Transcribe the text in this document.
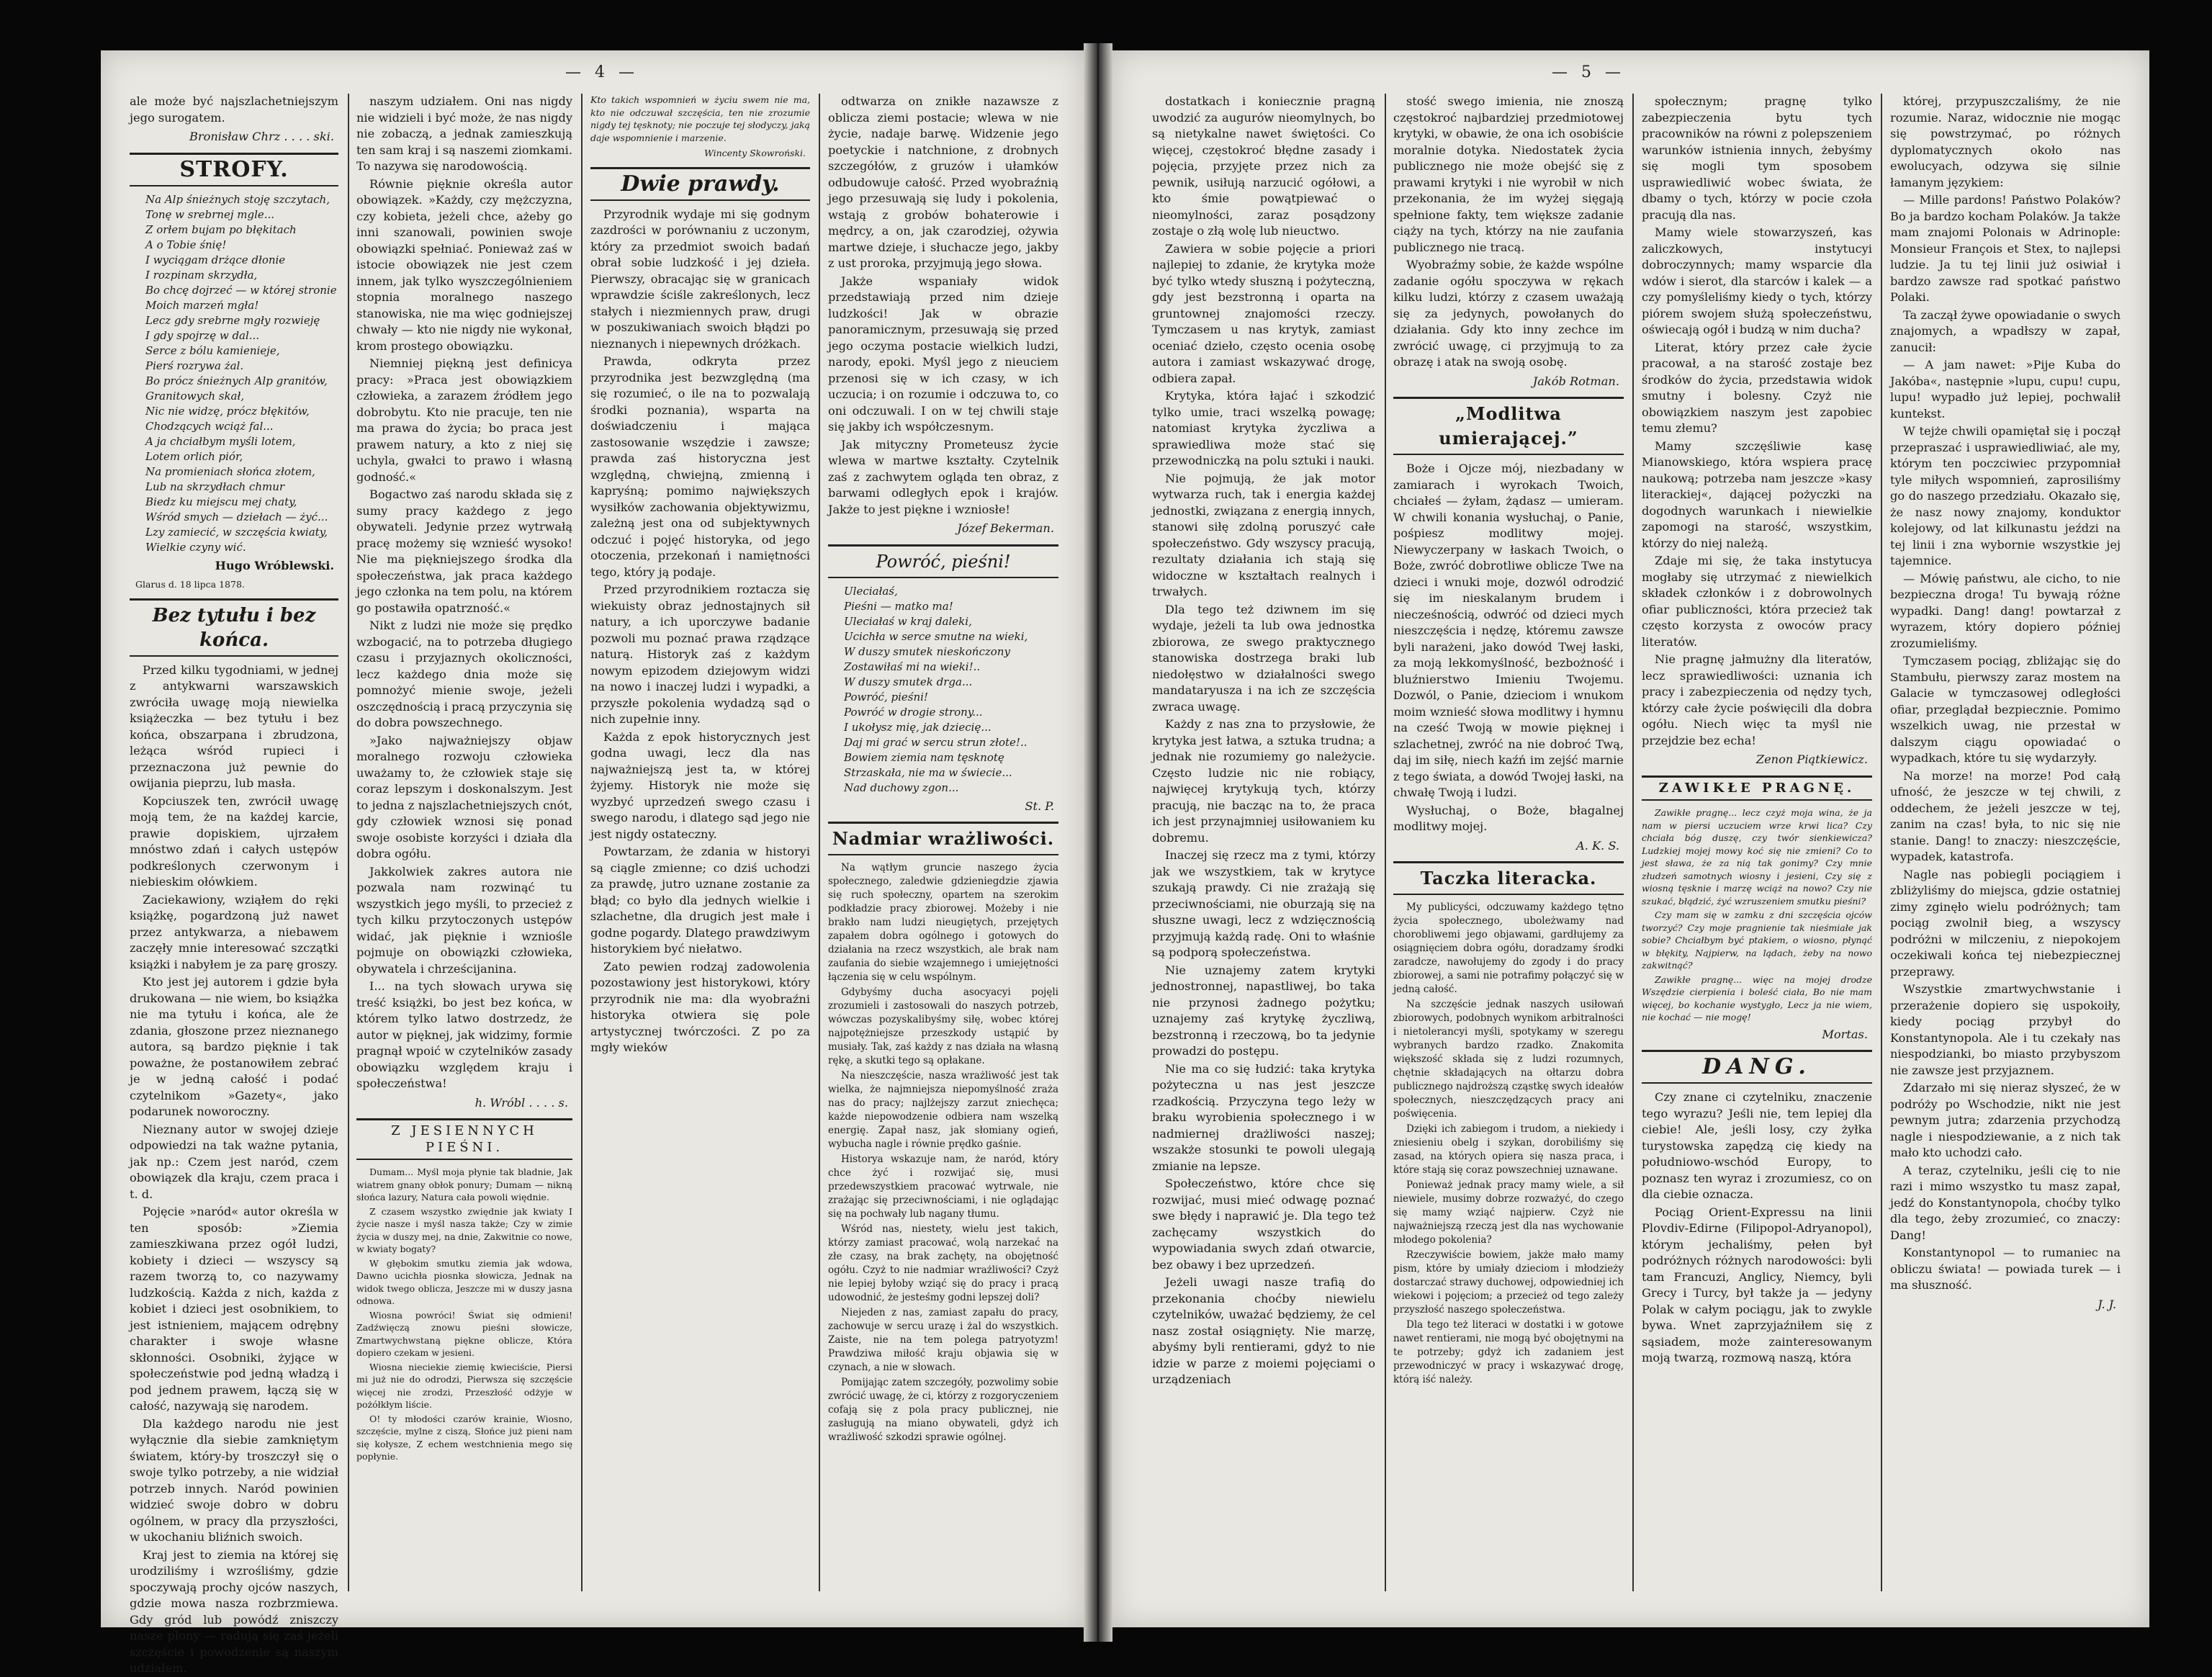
— 4 —

ale może być najszlachetniejszym jego surogatem.

Bronisław Chrz . . . . ski.
STROFY.
Na Alp śnieżnych stoję szczytach,
Tonę w srebrnej mgle...
Z orłem bujam po błękitach
A o Tobie śnię!
I wyciągam drżące dłonie
I rozpinam skrzydła,
Bo chcę dojrzeć — w której stronie
Moich marzeń mgła!
Lecz gdy srebrne mgły rozwieję
I gdy spojrzę w dal...
Serce z bólu kamienieje,
Pierś rozrywa żal.
Bo prócz śnieżnych Alp granitów,
Granitowych skał,
Nic nie widzę, prócz błękitów,
Chodzących wciąż fal...
A ja chciałbym myśli lotem,
Lotem orlich piór,
Na promieniach słońca złotem,
Lub na skrzydłach chmur
Biedz ku miejscu mej chaty,
Wśród smych — dziełach — żyć...
Lzy zamiecić, w szczęścia kwiaty,
Wielkie czyny wić.
Hugo Wróblewski.
Glarus d. 18 lipca 1878.
Bez tytułu i bez końca.

Przed kilku tygodniami, w jednej z antykwarni warszawskich zwróciła uwagę moją niewielka książeczka — bez tytułu i bez końca, obszarpana i zbrudzona, leżąca wśród rupieci i przeznaczona już pewnie do owijania pieprzu, lub masła.

Kopciuszek ten, zwrócił uwagę moją tem, że na każdej karcie, prawie dopiskiem, ujrzałem mnóstwo zdań i całych ustępów podkreślonych czerwonym i niebieskim ołówkiem.

Zaciekawiony, wziąłem do ręki książkę, pogardzoną już nawet przez antykwarza, a niebawem zaczęły mnie interesować szczątki książki i nabyłem je za parę groszy.

Kto jest jej autorem i gdzie była drukowana — nie wiem, bo książka nie ma tytułu i końca, ale że zdania, głoszone przez nieznanego autora, są bardzo pięknie i tak poważne, że postanowiłem zebrać je w jedną całość i podać czytelnikom »Gazety«, jako podarunek noworoczny.

Nieznany autor w swojej dzieje odpowiedzi na tak ważne pytania, jak np.: Czem jest naród, czem obowiązek dla kraju, czem praca i t. d.

Pojęcie »naród« autor określa w ten sposób: »Ziemia zamieszkiwana przez ogół ludzi, kobiety i dzieci — wszyscy są razem tworzą to, co nazywamy ludzkością. Każda z nich, każda z kobiet i dzieci jest osobnikiem, to jest istnieniem, mającem odrębny charakter i swoje własne skłonności. Osobniki, żyjące w społeczeństwie pod jedną władzą i pod jednem prawem, łączą się w całość, nazywają się narodem.

Dla każdego narodu nie jest wyłącznie dla siebie zamkniętym światem, który-by troszczył się o swoje tylko potrzeby, a nie widział potrzeb innych. Naród powinien widzieć swoje dobro w dobru ogólnem, w pracy dla przyszłości, w ukochaniu bliźnich swoich.

Kraj jest to ziemia na której się urodziliśmy i wzrośliśmy, gdzie spoczywają prochy ojców naszych, gdzie mowa nasza rozbrzmiewa. Gdy gród lub powódź zniszczy nasze plony — radują się zaś jeżeli szczęście i powodzenie są naszym udziałem.

naszym udziałem. Oni nas nigdy nie widzieli i być może, że nas nigdy nie zobaczą, a jednak zamieszkują ten sam kraj i są naszemi ziomkami. To nazywa się narodowością.

Równie pięknie określa autor obowiązek. »Każdy, czy mężczyzna, czy kobieta, jeżeli chce, ażeby go inni szanowali, powinien swoje obowiązki spełniać. Ponieważ zaś w istocie obowiązek nie jest czem innem, jak tylko wyszczególnieniem stopnia moralnego naszego stanowiska, nie ma więc godniejszej chwały — kto nie nigdy nie wykonał, krom prostego obowiązku.

Niemniej piękną jest definicya pracy: »Praca jest obowiązkiem człowieka, a zarazem źródłem jego dobrobytu. Kto nie pracuje, ten nie ma prawa do życia; bo praca jest prawem natury, a kto z niej się uchyla, gwałci to prawo i własną godność.«

Bogactwo zaś narodu składa się z sumy pracy każdego z jego obywateli. Jedynie przez wytrwałą pracę możemy się wznieść wysoko! Nie ma piękniejszego środka dla społeczeństwa, jak praca każdego jego członka na tem polu, na którem go postawiła opatrzność.«

Nikt z ludzi nie może się prędko wzbogacić, na to potrzeba długiego czasu i przyjaznych okoliczności, lecz każdego dnia może się pomnożyć mienie swoje, jeżeli oszczędnością i pracą przyczynia się do dobra powszechnego.

»Jako najważniejszy objaw moralnego rozwoju człowieka uważamy to, że człowiek staje się coraz lepszym i doskonalszym. Jest to jedna z najszlachetniejszych cnót, gdy człowiek wznosi się ponad swoje osobiste korzyści i działa dla dobra ogółu.

Jakkolwiek zakres autora nie pozwala nam rozwinąć tu wszystkich jego myśli, to przecież z tych kilku przytoczonych ustępów widać, jak pięknie i wzniośle pojmuje on obowiązki człowieka, obywatela i chrześcijanina.

I... na tych słowach urywa się treść książki, bo jest bez końca, w którem tylko latwo dostrzedz, że autor w pięknej, jak widzimy, formie pragnął wpoić w czytelników zasady obowiązku względem kraju i społeczeństwa!

h. Wróbl . . . . s.
Z JESIENNYCH PIEŚNI.

Dumam... Myśl moja płynie tak bladnie, Jak wiatrem gnany obłok ponury; Dumam — nikną słońca lazury, Natura cała powoli więdnie.

Z czasem wszystko zwiędnie jak kwiaty I życie nasze i myśl nasza także; Czy w zimie życia w duszy mej, na dnie, Zakwitnie co nowe, w kwiaty bogaty?

W głębokim smutku ziemia jak wdowa, Dawno ucichła piosnka słowicza, Jednak na widok twego oblicza, Jeszcze mi w duszy jasna odnowa.

Wiosna powróci! Świat się odmieni! Zadźwięczą znowu pieśni słowicze, Zmartwychwstaną piękne oblicze, Która dopiero czekam w jesieni.

Wiosna nieciekie ziemię kwieciście, Piersi mi już nie do odrodzi, Pierwsza się szczęście więcej nie zrodzi, Przeszłość odżyje w pożółkłym liście.

O! ty młodości czarów krainie, Wiosno, szczęście, mylne z ciszą, Słońce już pieni nam się kołysze, Z echem westchnienia mego się popłynie.

Kto takich wspomnień w życiu swem nie ma, kto nie odczuwał szczęścia, ten nie zrozumie nigdy tej tęsknoty; nie poczuje tej słodyczy, jaką daje wspomnienie i marzenie.
Wincenty Skowroński.
Dwie prawdy.

Przyrodnik wydaje mi się godnym zazdrości w porównaniu z uczonym, który za przedmiot swoich badań obrał sobie ludzkość i jej dzieła. Pierwszy, obracając się w granicach wprawdzie ściśle zakreślonych, lecz stałych i niezmiennych praw, drugi w poszukiwaniach swoich błądzi po nieznanych i niepewnych dróżkach.

Prawda, odkryta przez przyrodnika jest bezwzględną (ma się rozumieć, o ile na to pozwalają środki poznania), wsparta na doświadczeniu i mająca zastosowanie wszędzie i zawsze; prawda zaś historyczna jest względną, chwiejną, zmienną i kapryśną; pomimo największych wysiłków zachowania objektywizmu, zależną jest ona od subjektywnych odczuć i pojęć historyka, od jego otoczenia, przekonań i namiętności tego, który ją podaje.

Przed przyrodnikiem roztacza się wiekuisty obraz jednostajnych sił natury, a ich uporczywe badanie pozwoli mu poznać prawa rządzące naturą. Historyk zaś z każdym nowym epizodem dziejowym widzi na nowo i inaczej ludzi i wypadki, a przyszłe pokolenia wydadzą sąd o nich zupełnie inny.

Każda z epok historycznych jest godna uwagi, lecz dla nas najważniejszą jest ta, w której żyjemy. Historyk nie może się wyzbyć uprzedzeń swego czasu i swego narodu, i dlatego sąd jego nie jest nigdy ostateczny.

Powtarzam, że zdania w historyi są ciągle zmienne; co dziś uchodzi za prawdę, jutro uznane zostanie za błąd; co było dla jednych wielkie i szlachetne, dla drugich jest małe i godne pogardy. Dlatego prawdziwym historykiem być niełatwo.

Zato pewien rodzaj zadowolenia pozostawiony jest historykowi, który przyrodnik nie ma: dla wyobraźni historyka otwiera się pole artystycznej twórczości. Z po za mgły wieków

odtwarza on znikłe nazawsze z oblicza ziemi postacie; wlewa w nie życie, nadaje barwę. Widzenie jego poetyckie i natchnione, z drobnych szczegółów, z gruzów i ułamków odbudowuje całość. Przed wyobraźnią jego przesuwają się ludy i pokolenia, wstają z grobów bohaterowie i mędrcy, a on, jak czarodziej, ożywia martwe dzieje, i słuchacze jego, jakby z ust proroka, przyjmują jego słowa.

Jakże wspaniały widok przedstawiają przed nim dzieje ludzkości! Jak w obrazie panoramicznym, przesuwają się przed jego oczyma postacie wielkich ludzi, narody, epoki. Myśl jego z nieuciem przenosi się w ich czasy, w ich uczucia; i on rozumie i odczuwa to, co oni odczuwali. I on w tej chwili staje się jakby ich współczesnym.

Jak mityczny Prometeusz życie wlewa w martwe kształty. Czytelnik zaś z zachwytem ogląda ten obraz, z barwami odległych epok i krajów. Jakże to jest piękne i wzniosłe!

Józef Bekerman.
Powróć, pieśni!
Uleciałaś,
Pieśni — matko ma!
Uleciałaś w kraj daleki,
Ucichła w serce smutne na wieki,
W duszy smutek nieskończony
Zostawiłaś mi na wieki!..
W duszy smutek drga...
Powróć, pieśni!
Powróć w drogie strony...
I ukołysz mię, jak dziecię...
Daj mi grać w sercu strun złote!..
Bowiem ziemia nam tęsknotę
Strzaskała, nie ma w świecie...
Nad duchowy zgon...
St. P.
Nadmiar wrażliwości.

Na wątłym gruncie naszego życia społecznego, zaledwie gdzieniegdzie zjawia się ruch społeczny, opartem na szerokim podkładzie pracy zbiorowej. Możeby i nie brakło nam ludzi nieugiętych, przejętych zapałem dobra ogólnego i gotowych do działania na rzecz wszystkich, ale brak nam zaufania do siebie wzajemnego i umiejętności łączenia się w celu wspólnym.

Gdybyśmy ducha asocyacyi pojęli zrozumieli i zastosowali do naszych potrzeb, wówczas pozyskalibyśmy siłę, wobec której najpotężniejsze przeszkody ustąpić by musiały. Tak, zaś każdy z nas działa na własną rękę, a skutki tego są opłakane.

Na nieszczęście, nasza wrażliwość jest tak wielka, że najmniejsza niepomyślność zraża nas do pracy; najlżejszy zarzut zniechęca; każde niepowodzenie odbiera nam wszelką energię. Zapał nasz, jak słomiany ogień, wybucha nagle i równie prędko gaśnie.

Historya wskazuje nam, że naród, który chce żyć i rozwijać się, musi przedewszystkiem pracować wytrwale, nie zrażając się przeciwnościami, i nie oglądając się na pochwały lub nagany tłumu.

Wśród nas, niestety, wielu jest takich, którzy zamiast pracować, wolą narzekać na złe czasy, na brak zachęty, na obojętność ogółu. Czyż to nie nadmiar wrażliwości? Czyż nie lepiej byłoby wziąć się do pracy i pracą udowodnić, że jesteśmy godni lepszej doli?

Niejeden z nas, zamiast zapału do pracy, zachowuje w sercu urazę i żal do wszystkich. Zaiste, nie na tem polega patryotyzm! Prawdziwa miłość kraju objawia się w czynach, a nie w słowach.

Pomijając zatem szczegóły, pozwolimy sobie zwrócić uwagę, że ci, którzy z rozgoryczeniem cofają się z pola pracy publicznej, nie zasługują na miano obywateli, gdyż ich wrażliwość szkodzi sprawie ogólnej.

— 5 —

dostatkach i koniecznie pragną uwodzić za augurów nieomylnych, bo są nietykalne nawet świętości. Co więcej, częstokroć błędne zasady i pojęcia, przyjęte przez nich za pewnik, usiłują narzucić ogółowi, a kto śmie powątpiewać o nieomylności, zaraz posądzony zostaje o złą wolę lub nieuctwo.

Zawiera w sobie pojęcie a priori najlepiej to zdanie, że krytyka może być tylko wtedy słuszną i pożyteczną, gdy jest bezstronną i oparta na gruntownej znajomości rzeczy. Tymczasem u nas krytyk, zamiast oceniać dzieło, często ocenia osobę autora i zamiast wskazywać drogę, odbiera zapał.

Krytyka, która łajać i szkodzić tylko umie, traci wszelką powagę; natomiast krytyka życzliwa a sprawiedliwa może stać się przewodniczką na polu sztuki i nauki.

Nie pojmują, że jak motor wytwarza ruch, tak i energia każdej jednostki, związana z energią innych, stanowi siłę zdolną poruszyć całe społeczeństwo. Gdy wszyscy pracują, rezultaty działania ich stają się widoczne w kształtach realnych i trwałych.

Dla tego też dziwnem im się wydaje, jeżeli ta lub owa jednostka zbiorowa, ze swego praktycznego stanowiska dostrzega braki lub niedołęstwo w działalności swego mandataryusza i na ich ze szczęścia zwraca uwagę.

Każdy z nas zna to przysłowie, że krytyka jest łatwa, a sztuka trudna; a jednak nie rozumiemy go należycie. Często ludzie nic nie robiący, najwięcej krytykują tych, którzy pracują, nie bacząc na to, że praca ich jest przynajmniej usiłowaniem ku dobremu.

Inaczej się rzecz ma z tymi, którzy jak we wszystkiem, tak w krytyce szukają prawdy. Ci nie zrażają się przeciwnościami, nie oburzają się na słuszne uwagi, lecz z wdzięcznością przyjmują każdą radę. Oni to właśnie są podporą społeczeństwa.

Nie uznajemy zatem krytyki jednostronnej, napastliwej, bo taka nie przynosi żadnego pożytku; uznajemy zaś krytykę życzliwą, bezstronną i rzeczową, bo ta jedynie prowadzi do postępu.

Nie ma co się łudzić: taka krytyka pożyteczna u nas jest jeszcze rzadkością. Przyczyna tego leży w braku wyrobienia społecznego i w nadmiernej drażliwości naszej; wszakże stosunki te powoli ulegają zmianie na lepsze.

Społeczeństwo, które chce się rozwijać, musi mieć odwagę poznać swe błędy i naprawić je. Dla tego też zachęcamy wszystkich do wypowiadania swych zdań otwarcie, bez obawy i bez uprzedzeń.

Jeżeli uwagi nasze trafią do przekonania choćby niewielu czytelników, uważać będziemy, że cel nasz został osiągnięty. Nie marzę, abyśmy byli rentierami, gdyż to nie idzie w parze z moiemi pojęciami o urządzeniach

stość swego imienia, nie znoszą częstokroć najbardziej przedmiotowej krytyki, w obawie, że ona ich osobiście moralnie dotyka. Niedostatek życia publicznego nie może obejść się z prawami krytyki i nie wyrobił w nich przekonania, że im wyżej sięgają spełnione fakty, tem większe zadanie ciąży na tych, którzy na nie zaufania publicznego nie tracą.

Wyobraźmy sobie, że każde wspólne zadanie ogółu spoczywa w rękach kilku ludzi, którzy z czasem uważają się za jedynych, powołanych do działania. Gdy kto inny zechce im zwrócić uwagę, ci przyjmują to za obrazę i atak na swoją osobę.

Jakób Rotman.
„Modlitwa umierającej.”

Boże i Ojcze mój, niezbadany w zamiarach i wyrokach Twoich, chciałeś — żyłam, żądasz — umieram. W chwili konania wysłuchaj, o Panie, pośpiesz modlitwy mojej. Niewyczerpany w łaskach Twoich, o Boże, zwróć dobrotliwe oblicze Twe na dzieci i wnuki moje, dozwól odrodzić się im nieskalanym brudem i niecześnością, odwróć od dzieci mych nieszczęścia i nędzę, któremu zawsze byli narażeni, jako dowód Twej łaski, za moją lekkomyślność, bezbożność i bluźnierstwo Imieniu Twojemu. Dozwól, o Panie, dzieciom i wnukom moim wznieść słowa modlitwy i hymnu na cześć Twoją w mowie pięknej i szlachetnej, zwróć na nie dobroć Twą, daj im siłę, niech kaźń im zejść marnie z tego świata, a dowód Twojej łaski, na chwałę Twoją i ludzi.

Wysłuchaj, o Boże, błagalnej modlitwy mojej.

A. K. S.
Taczka literacka.

My publicyści, odczuwamy każdego tętno życia społecznego, uboleżwamy nad chorobliwemi jego objawami, gardłujemy za osiągnięciem dobra ogółu, doradzamy środki zaradcze, nawołujemy do zgody i do pracy zbiorowej, a sami nie potrafimy połączyć się w jedną całość.

Na szczęście jednak naszych usiłowań zbiorowych, podobnych wynikom arbitralności i nietolerancyi myśli, spotykamy w szeregu wybranych bardzo rzadko. Znakomita większość składa się z ludzi rozumnych, chętnie składających na ołtarzu dobra publicznego najdroższą cząstkę swych ideałów społecznych, nieszczędzących pracy ani poświęcenia.

Dzięki ich zabiegom i trudom, a niekiedy i zniesieniu obelg i szykan, dorobiliśmy się zasad, na których opiera się nasza praca, i które stają się coraz powszechniej uznawane.

Ponieważ jednak pracy mamy wiele, a sił niewiele, musimy dobrze rozważyć, do czego się mamy wziąć najpierw. Czyż nie najważniejszą rzeczą jest dla nas wychowanie młodego pokolenia?

Rzeczywiście bowiem, jakże mało mamy pism, które by umiały dzieciom i młodzieży dostarczać strawy duchowej, odpowiedniej ich wiekowi i pojęciom; a przecież od tego zależy przyszłość naszego społeczeństwa.

Dla tego też literaci w dostatki i w gotowe nawet rentierami, nie mogą być obojętnymi na te potrzeby; gdyż ich zadaniem jest przewodniczyć w pracy i wskazywać drogę, którą iść należy.

społecznym; pragnę tylko zabezpieczenia bytu tych pracowników na równi z polepszeniem warunków istnienia innych, żebyśmy się mogli tym sposobem usprawiedliwić wobec świata, że dbamy o tych, którzy w pocie czoła pracują dla nas.

Mamy wiele stowarzyszeń, kas zaliczkowych, instytucyi dobroczynnych; mamy wsparcie dla wdów i sierot, dla starców i kalek — a czy pomyśleliśmy kiedy o tych, którzy piórem swojem służą społeczeństwu, oświecają ogół i budzą w nim ducha?

Literat, który przez całe życie pracował, a na starość zostaje bez środków do życia, przedstawia widok smutny i bolesny. Czyż nie obowiązkiem naszym jest zapobiec temu złemu?

Mamy szczęśliwie kasę Mianowskiego, która wspiera pracę naukową; potrzeba nam jeszcze »kasy literackiej«, dającej pożyczki na dogodnych warunkach i niewielkie zapomogi na starość, wszystkim, którzy do niej należą.

Zdaje mi się, że taka instytucya mogłaby się utrzymać z niewielkich składek członków i z dobrowolnych ofiar publiczności, która przecież tak często korzysta z owoców pracy literatów.

Nie pragnę jałmużny dla literatów, lecz sprawiedliwości: uznania ich pracy i zabezpieczenia od nędzy tych, którzy całe życie poświęcili dla dobra ogółu. Niech więc ta myśl nie przejdzie bez echa!

Zenon Piątkiewicz.
ZAWIKŁE PRAGNĘ.

Zawikłe pragnę... lecz czyż moja wina, że ja nam w piersi uczuciem wrze krwi lica? Czy chciała bóg duszę, czy twór sienkiewicza? Ludzkiej mojej mowy koć się nie zmieni? Co to jest sława, że za nią tak gonimy? Czy mnie złudzeń samotnych wiosny i jesieni, Czy się z wiosną tęsknie i marzę wciąż na nowo? Czy nie szukać, błądzić, żyć wzruszeniem smutku pieśni?

Czy mam się w zamku z dni szczęścia ojców tworzyć? Czy moje pragnienie tak nieśmiałe jak sobie? Chciałbym być ptakiem, o wiosno, płynąć w błękity, Najpierw, na lądach, żeby na nowo zakwitnąć?

Zawikłe pragnę... więc na mojej drodze Wszędzie cierpienia i boleść ciała, Bo nie mam więcej, bo kochanie wystygło, Lecz ja nie wiem, nie kochać — nie mogę!

Mortas.
DANG.

Czy znane ci czytelniku, znaczenie tego wyrazu? Jeśli nie, tem lepiej dla ciebie! Ale, jeśli losy, czy żyłka turystowska zapędzą cię kiedy na południowo-wschód Europy, to poznasz ten wyraz i zrozumiesz, co on dla ciebie oznacza.

Pociąg Orient-Expressu na linii Plovdiv-Edirne (Filipopol-Adryanopol), którym jechaliśmy, pełen był podróżnych różnych narodowości: byli tam Francuzi, Anglicy, Niemcy, byli Grecy i Turcy, był także ja — jedyny Polak w całym pociągu, jak to zwykle bywa. Wnet zaprzyjaźniłem się z sąsiadem, może zainteresowanym moją twarzą, rozmową naszą, która

której, przypuszczaliśmy, że nie rozumie. Naraz, widocznie nie mogąc się powstrzymać, po różnych dyplomatycznych około nas ewolucyach, odzywa się silnie łamanym językiem:

— Mille pardons! Państwo Polaków? Bo ja bardzo kocham Polaków. Ja także mam znajomi Polonais w Adrinople: Monsieur François et Stex, to najlepsi ludzie. Ja tu tej linii już osiwiał i bardzo zawsze rad spotkać państwo Polaki.

Ta zaczął żywe opowiadanie o swych znajomych, a wpadłszy w zapał, zanucił:

— A jam nawet: »Pije Kuba do Jakóba«, następnie »lupu, cupu! cupu, lupu! wypadło już lepiej, pochwalił kuntekst.

W tejże chwili opamiętał się i począł przepraszać i usprawiedliwiać, ale my, którym ten poczciwiec przypomniał tyle miłych wspomnień, zaprosiliśmy go do naszego przedziału. Okazało się, że nasz nowy znajomy, konduktor kolejowy, od lat kilkunastu jeździ na tej linii i zna wybornie wszystkie jej tajemnice.

— Mówię państwu, ale cicho, to nie bezpieczna droga! Tu bywają różne wypadki. Dang! dang! powtarzał z wyrazem, który dopiero później zrozumieliśmy.

Tymczasem pociąg, zbliżając się do Stambułu, pierwszy zaraz mostem na Galacie w tymczasowej odległości ofiar, przeglądał bezpiecznie. Pomimo wszelkich uwag, nie przestał w dalszym ciągu opowiadać o wypadkach, które tu się wydarzyły.

Na morze! na morze! Pod całą ufność, że jeszcze w tej chwili, z oddechem, że jeżeli jeszcze w tej, zanim na czas! była, to nic się nie stanie. Dang! to znaczy: nieszczęście, wypadek, katastrofa.

Nagle nas pobiegli pociągiem i zbliżyliśmy do miejsca, gdzie ostatniej zimy zginęło wielu podróżnych; tam pociąg zwolnił bieg, a wszyscy podróżni w milczeniu, z niepokojem oczekiwali końca tej niebezpiecznej przeprawy.

Wszystkie zmartwychwstanie i przerażenie dopiero się uspokoiły, kiedy pociąg przybył do Konstantynopola. Ale i tu czekały nas niespodzianki, bo miasto przybyszom nie zawsze jest przyjaznem.

Zdarzało mi się nieraz słyszeć, że w podróży po Wschodzie, nikt nie jest pewnym jutra; zdarzenia przychodzą nagle i niespodziewanie, a z nich tak mało kto uchodzi cało.

A teraz, czytelniku, jeśli cię to nie razi i mimo wszystko tu masz zapał, jedź do Konstantynopola, choćby tylko dla tego, żeby zrozumieć, co znaczy: Dang!

Konstantynopol — to rumaniec na obliczu świata! — powiada turek — i ma słuszność.

J. J.
